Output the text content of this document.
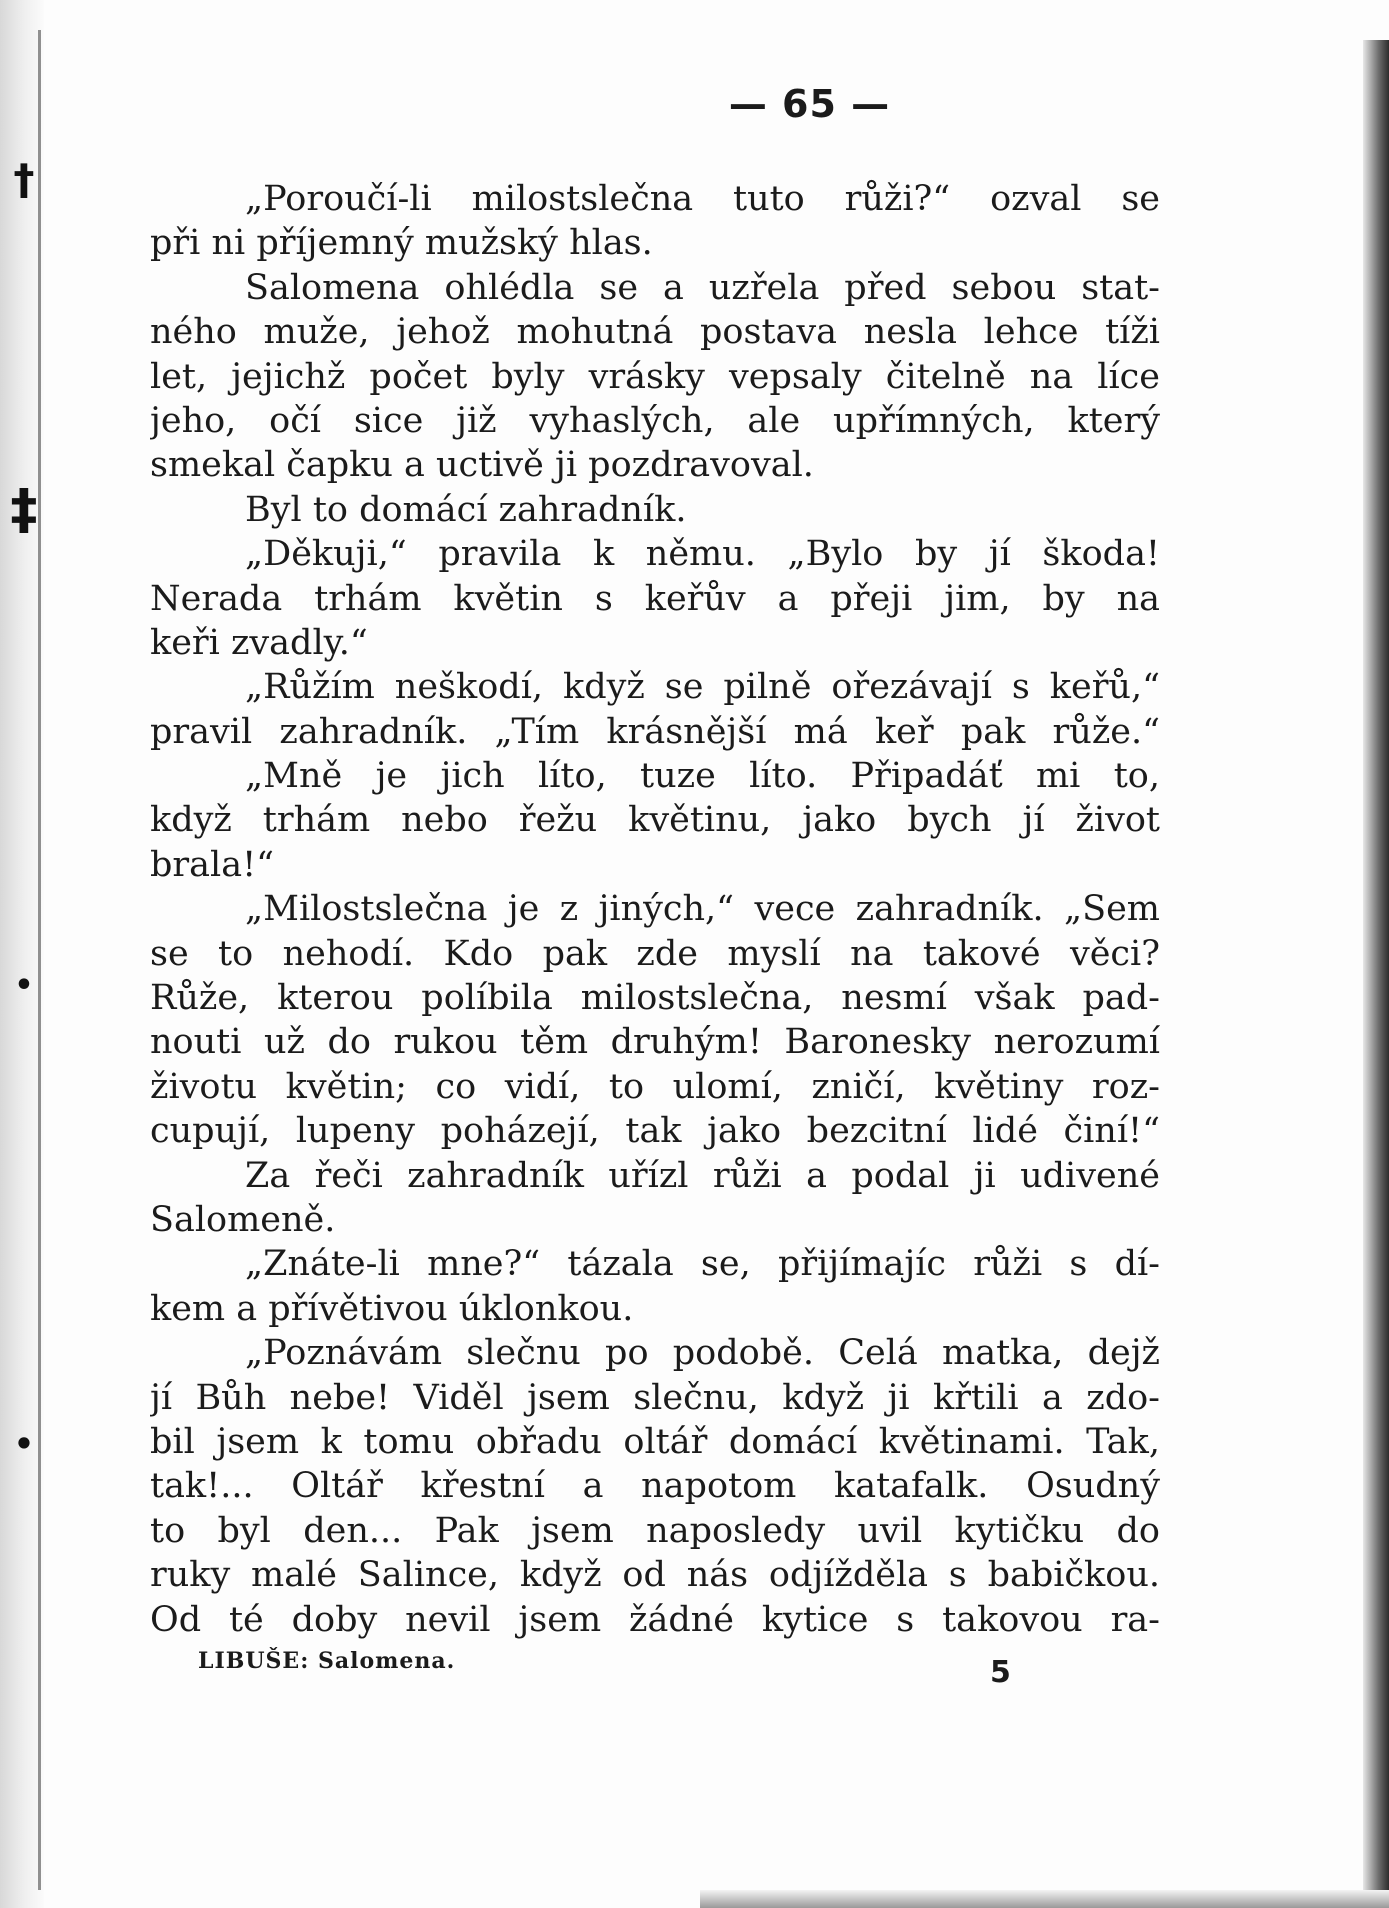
†
‡
•
•
— 65 —
„Poroučí-li milostslečna tuto růži?“ ozval se
při ni příjemný mužský hlas.
Salomena ohlédla se a uzřela před sebou stat-
ného muže, jehož mohutná postava nesla lehce tíži
let, jejichž počet byly vrásky vepsaly čitelně na líce
jeho, očí sice již vyhaslých, ale upřímných, který
smekal čapku a uctivě ji pozdravoval.
Byl to domácí zahradník.
„Děkuji,“ pravila k němu. „Bylo by jí škoda!
Nerada trhám květin s keřův a přeji jim, by na
keři zvadly.“
„Růžím neškodí, když se pilně ořezávají s keřů,“
pravil zahradník. „Tím krásnější má keř pak růže.“
„Mně je jich líto, tuze líto. Připadáť mi to,
když trhám nebo řežu květinu, jako bych jí život
brala!“
„Milostslečna je z jiných,“ vece zahradník. „Sem
se to nehodí. Kdo pak zde myslí na takové věci?
Růže, kterou políbila milostslečna, nesmí však pad-
nouti už do rukou těm druhým! Baronesky nerozumí
životu květin; co vidí, to ulomí, zničí, květiny roz-
cupují, lupeny poházejí, tak jako bezcitní lidé činí!“
Za řeči zahradník uřízl růži a podal ji udivené
Salomeně.
„Znáte-li mne?“ tázala se, přijímajíc růži s dí-
kem a přívětivou úklonkou.
„Poznávám slečnu po podobě. Celá matka, dejž
jí Bůh nebe! Viděl jsem slečnu, když ji křtili a zdo-
bil jsem k tomu obřadu oltář domácí květinami. Tak,
tak!... Oltář křestní a napotom katafalk. Osudný
to byl den... Pak jsem naposledy uvil kytičku do
ruky malé Salince, když od nás odjížděla s babičkou.
Od té doby nevil jsem žádné kytice s takovou ra-
LIBUŠE: Salomena.	5
